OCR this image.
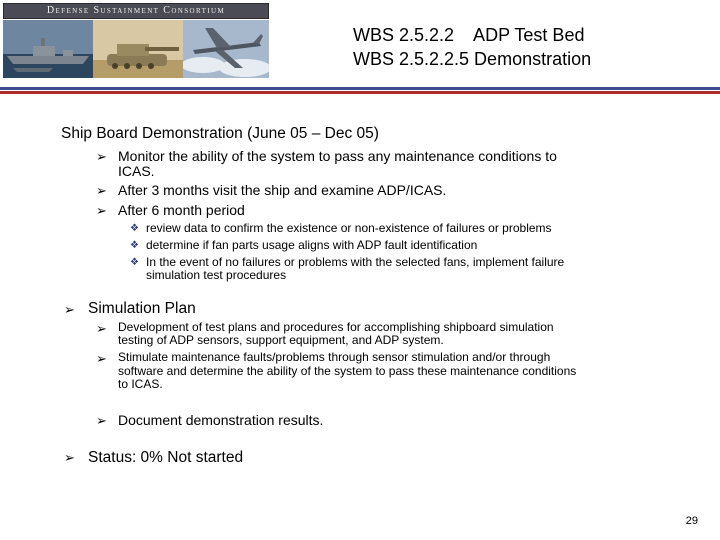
Defense Sustainment Consortium
WBS 2.5.2.2    ADP Test Bed
WBS 2.5.2.2.5 Demonstration
Ship Board Demonstration (June 05 – Dec 05)
➢ Monitor the ability of the system to pass any maintenance conditions to
ICAS.
➢ After 3 months visit the ship and examine ADP/ICAS.
➢ After 6 month period
❖ review data to confirm the existence or non-existence of failures or problems
❖ determine if fan parts usage aligns with ADP fault identification
❖ In the event of no failures or problems with the selected fans, implement failure
simulation test procedures
➢ Simulation Plan
➢ Development of test plans and procedures for accomplishing shipboard simulation
testing of ADP sensors, support equipment, and ADP system.
➢ Stimulate maintenance faults/problems through sensor stimulation and/or through
software and determine the ability of the system to pass these maintenance conditions
to ICAS.
➢ Document demonstration results.
➢ Status: 0% Not started
29
